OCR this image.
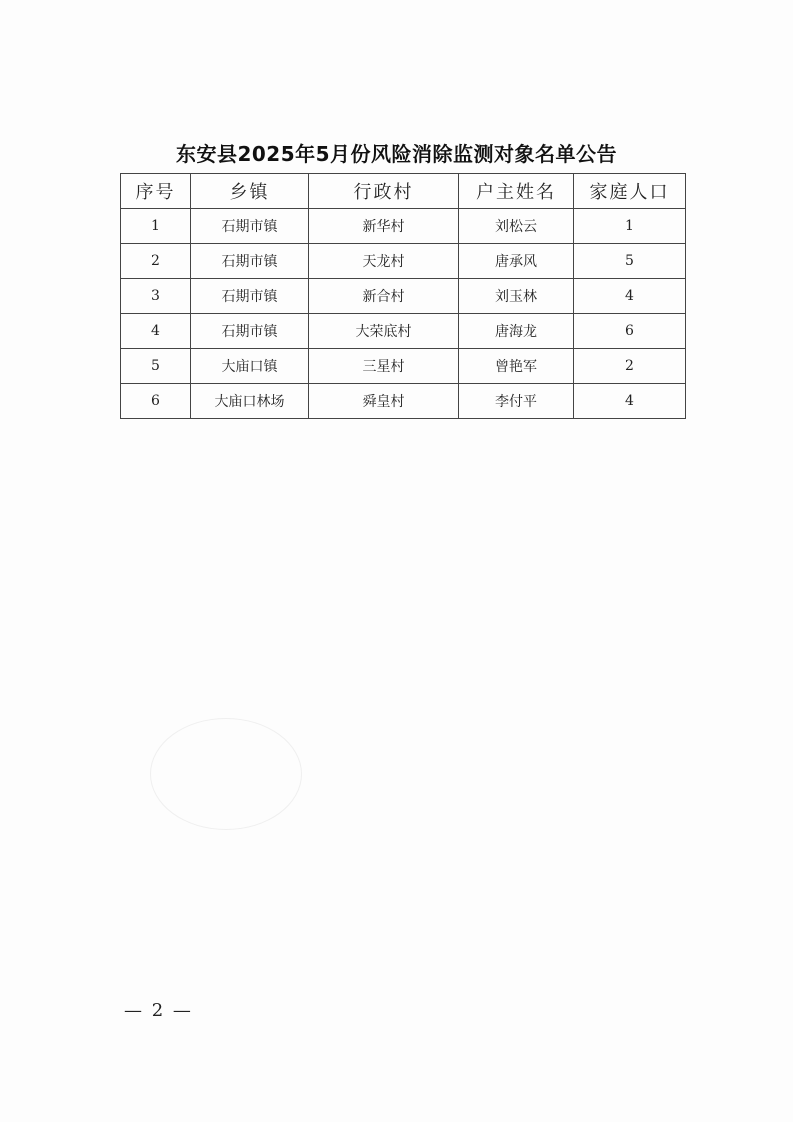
东安县2025年5月份风险消除监测对象名单公告
序号	乡镇	行政村	户主姓名	家庭人口
1	石期市镇	新华村	刘松云	1
2	石期市镇	天龙村	唐承风	5
3	石期市镇	新合村	刘玉林	4
4	石期市镇	大荣底村	唐海龙	6
5	大庙口镇	三星村	曾艳军	2
6	大庙口林场	舜皇村	李付平	4
— 2 —
